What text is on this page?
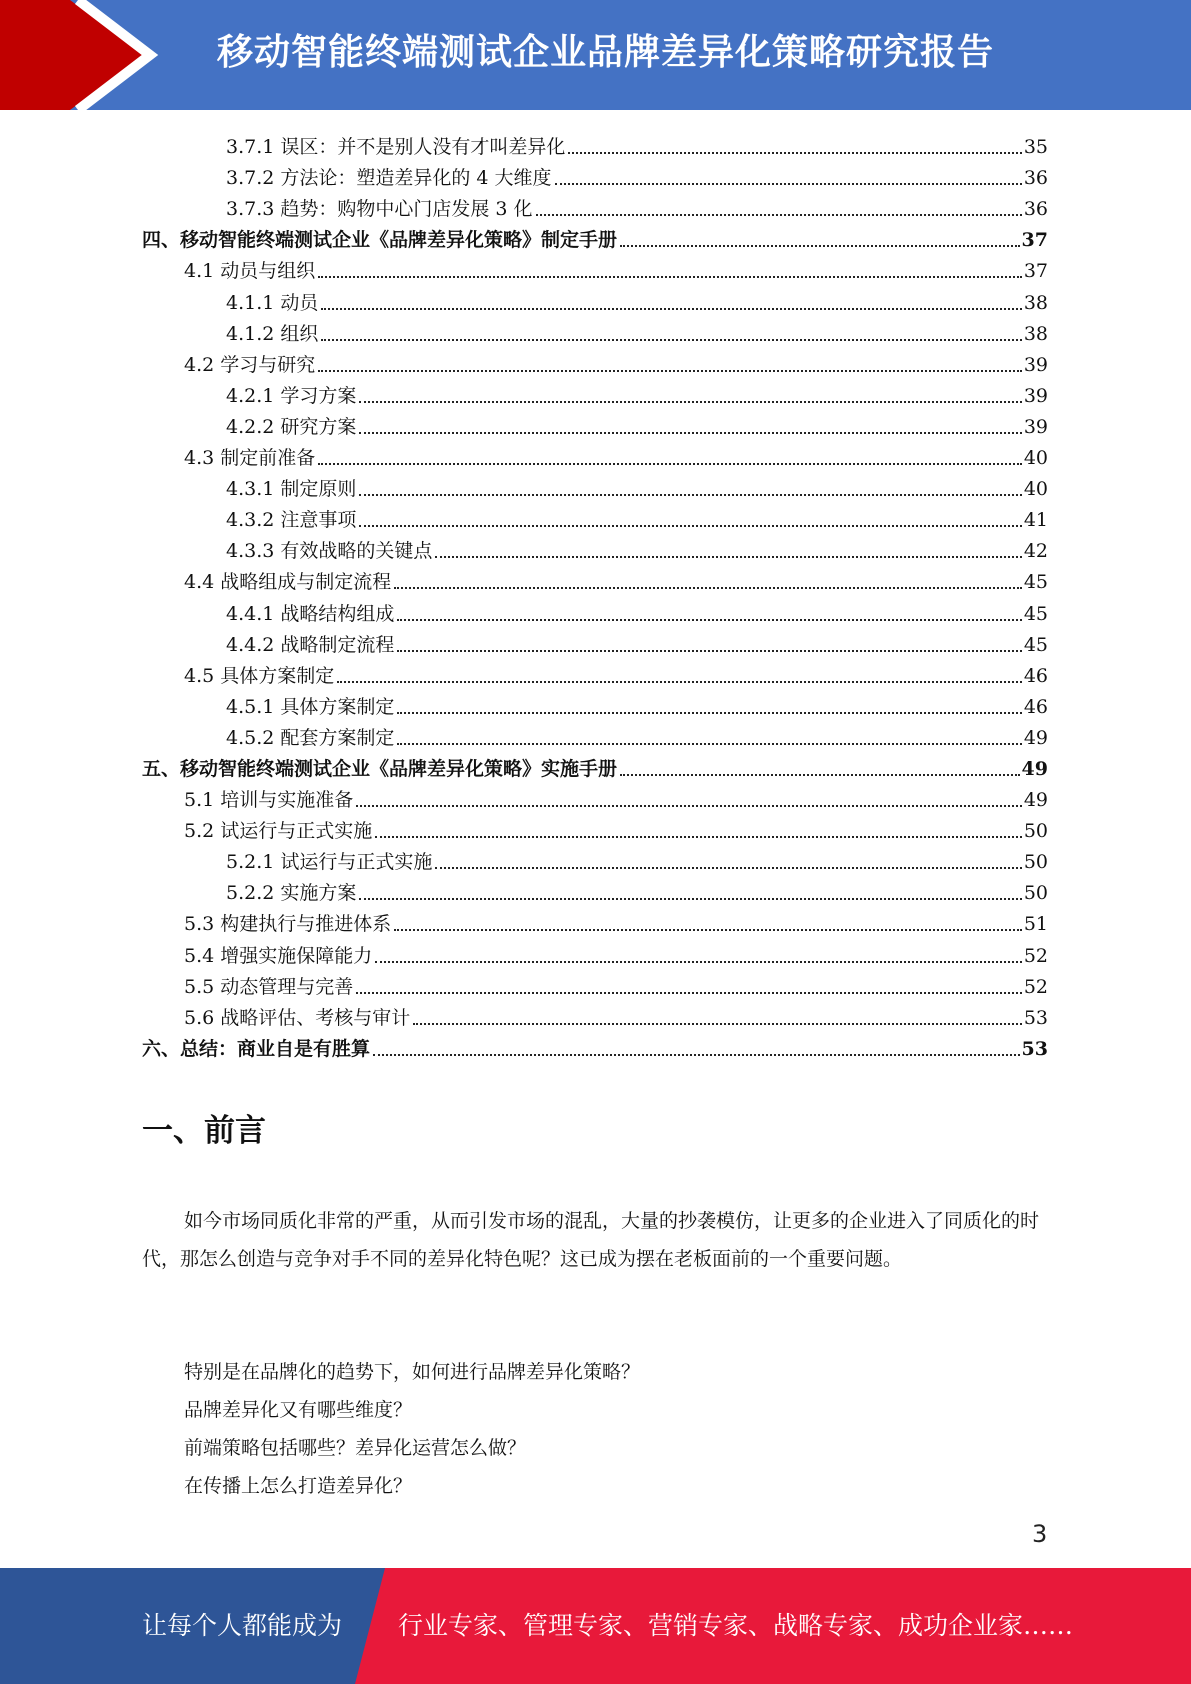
移动智能终端测试企业品牌差异化策略研究报告
3.7.1 误区：并不是别人没有才叫差异化	35
3.7.2 方法论：塑造差异化的 4 大维度	36
3.7.3 趋势：购物中心门店发展 3 化	36
四、移动智能终端测试企业《品牌差异化策略》制定手册	37
4.1 动员与组织	37
4.1.1 动员	38
4.1.2 组织	38
4.2 学习与研究	39
4.2.1 学习方案	39
4.2.2 研究方案	39
4.3 制定前准备	40
4.3.1 制定原则	40
4.3.2 注意事项	41
4.3.3 有效战略的关键点	42
4.4 战略组成与制定流程	45
4.4.1 战略结构组成	45
4.4.2 战略制定流程	45
4.5 具体方案制定	46
4.5.1 具体方案制定	46
4.5.2 配套方案制定	49
五、移动智能终端测试企业《品牌差异化策略》实施手册	49
5.1 培训与实施准备	49
5.2 试运行与正式实施	50
5.2.1 试运行与正式实施	50
5.2.2 实施方案	50
5.3 构建执行与推进体系	51
5.4 增强实施保障能力	52
5.5 动态管理与完善	52
5.6 战略评估、考核与审计	53
六、总结：商业自是有胜算	53
一、前言
如今市场同质化非常的严重，从而引发市场的混乱，大量的抄袭模仿，让更多的企业进入了同质化的时代，那怎么创造与竞争对手不同的差异化特色呢？这已成为摆在老板面前的一个重要问题。
特别是在品牌化的趋势下，如何进行品牌差异化策略？
品牌差异化又有哪些维度？
前端策略包括哪些？差异化运营怎么做？
在传播上怎么打造差异化？
3
让每个人都能成为 行业专家、管理专家、营销专家、战略专家、成功企业家……
